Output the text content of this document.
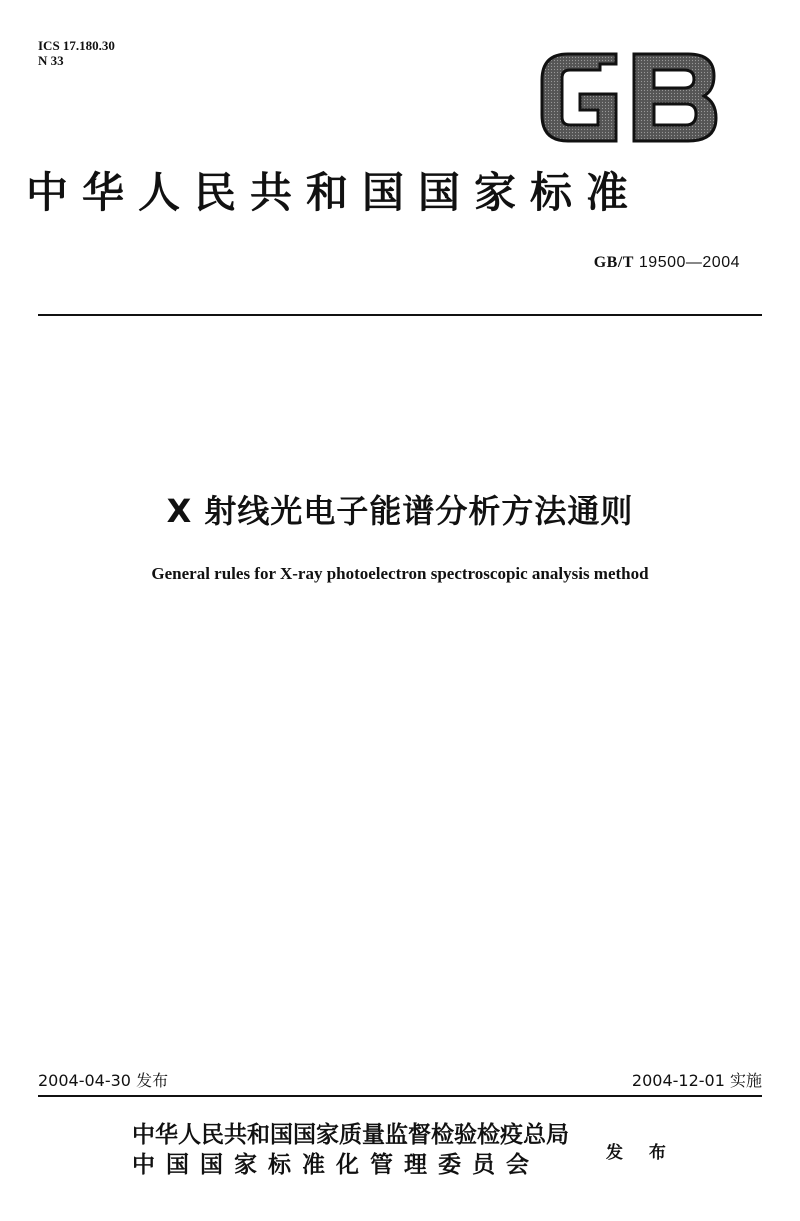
ICS 17.180.30
N 33
中华人民共和国国家标准
GB/T 19500—2004
X 射线光电子能谱分析方法通则
General rules for X-ray photoelectron spectroscopic analysis method
2004-04-30 发布	2004-12-01 实施
中华人民共和国国家质量监督检验检疫总局
中国国家标准化管理委员会	发 布
